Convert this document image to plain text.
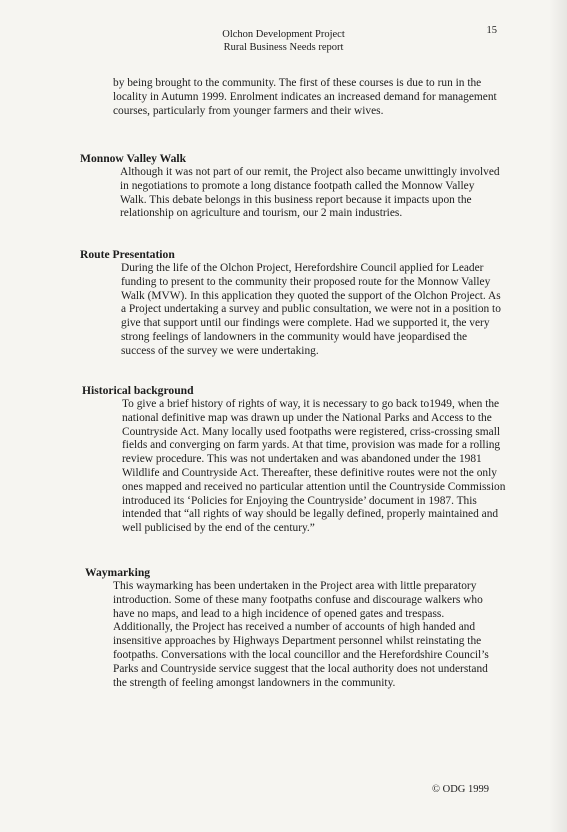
Olchon Development Project
Rural Business Needs report
15

by being brought to the community. The first of these courses is due to run in the locality in Autumn 1999. Enrolment indicates an increased demand for management courses, particularly from younger farmers and their wives.

Monnow Valley Walk

Although it was not part of our remit, the Project also became unwittingly involved in negotiations to promote a long distance footpath called the Monnow Valley Walk. This debate belongs in this business report because it impacts upon the relationship on agriculture and tourism, our 2 main industries.

Route Presentation

During the life of the Olchon Project, Herefordshire Council applied for Leader funding to present to the community their proposed route for the Monnow Valley Walk (MVW). In this application they quoted the support of the Olchon Project. As a Project undertaking a survey and public consultation, we were not in a position to give that support until our findings were complete. Had we supported it, the very strong feelings of landowners in the community would have jeopardised the success of the survey we were undertaking.

Historical background

To give a brief history of rights of way, it is necessary to go back to1949, when the national definitive map was drawn up under the National Parks and Access to the Countryside Act. Many locally used footpaths were registered, criss-crossing small fields and converging on farm yards. At that time, provision was made for a rolling review procedure. This was not undertaken and was abandoned under the 1981 Wildlife and Countryside Act. Thereafter, these definitive routes were not the only ones mapped and received no particular attention until the Countryside Commission introduced its ‘Policies for Enjoying the Countryside’ document in 1987. This intended that “all rights of way should be legally defined, properly maintained and well publicised by the end of the century.”

Waymarking

This waymarking has been undertaken in the Project area with little preparatory introduction. Some of these many footpaths confuse and discourage walkers who have no maps, and lead to a high incidence of opened gates and trespass. Additionally, the Project has received a number of accounts of high handed and insensitive approaches by Highways Department personnel whilst reinstating the footpaths. Conversations with the local councillor and the Herefordshire Council’s Parks and Countryside service suggest that the local authority does not understand the strength of feeling amongst landowners in the community.

© ODG 1999
